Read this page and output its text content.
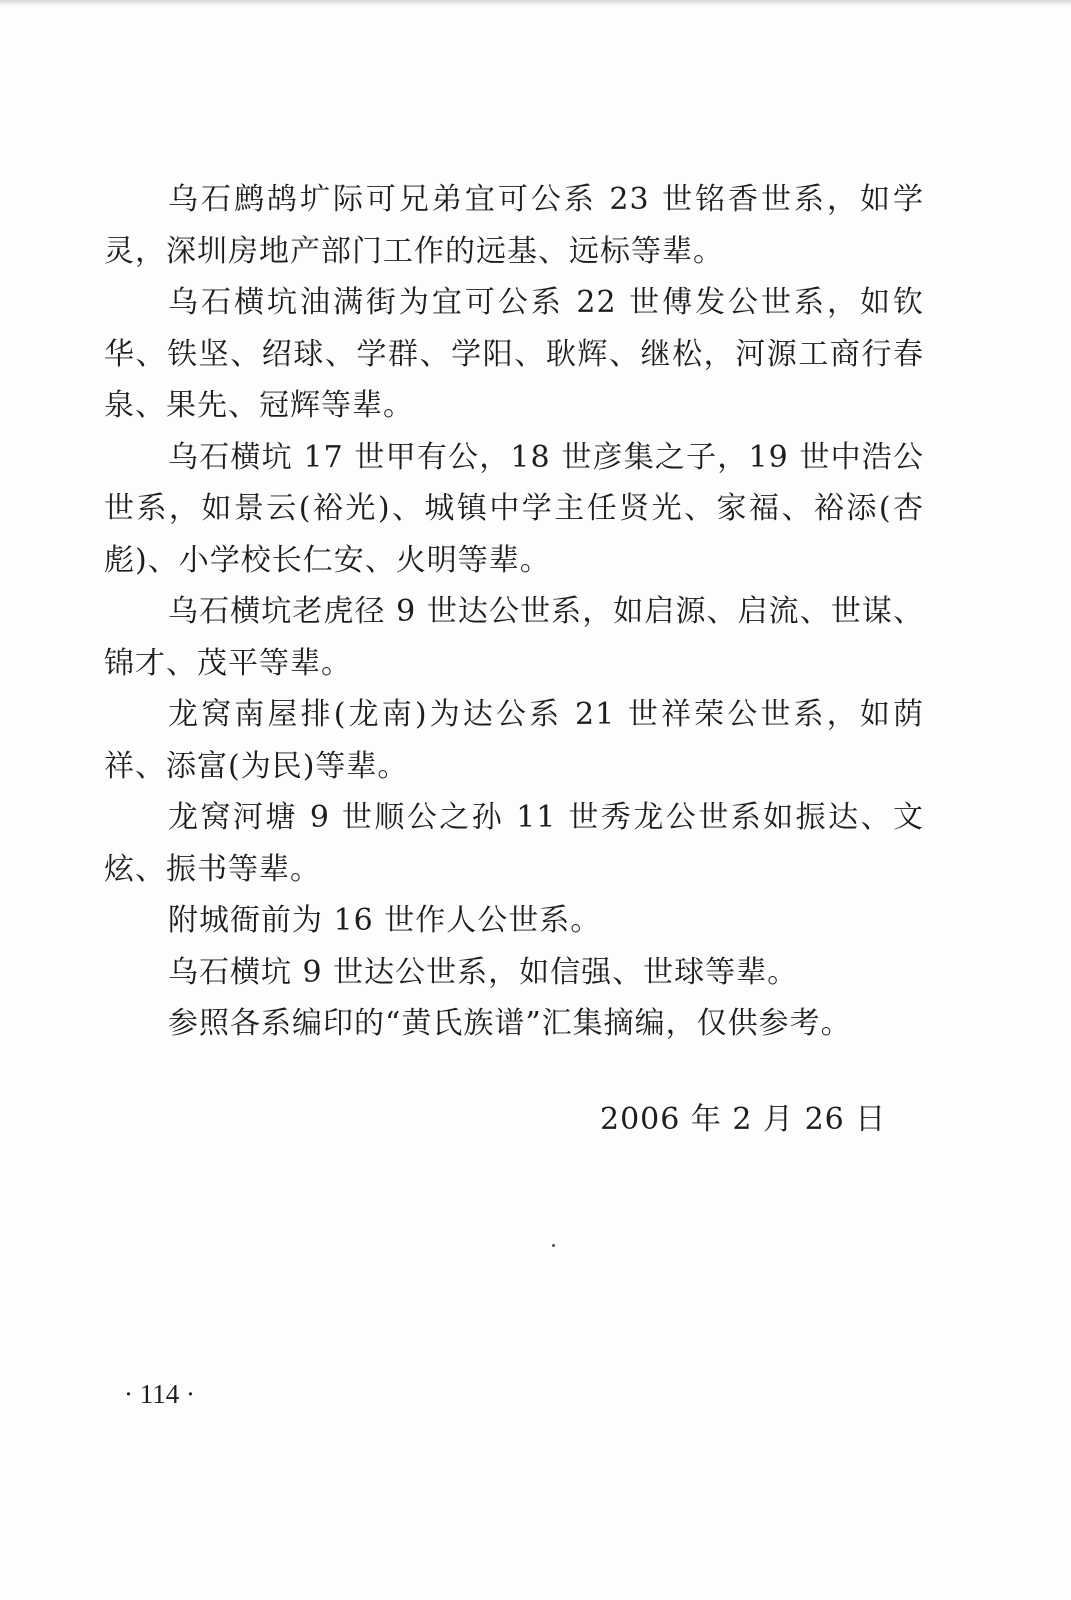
乌石鹧鸪圹际可兄弟宜可公系 23 世铭香世系，如学灵，深圳房地产部门工作的远基、远标等辈。

乌石横坑油满街为宜可公系 22 世傅发公世系，如钦华、铁坚、绍球、学群、学阳、耿辉、继松，河源工商行春泉、果先、冠辉等辈。

乌石横坑 17 世甲有公，18 世彦集之子，19 世中浩公世系，如景云(裕光)、城镇中学主任贤光、家福、裕添(杏彪)、小学校长仁安、火明等辈。

乌石横坑老虎径 9 世达公世系，如启源、启流、世谋、锦才、茂平等辈。

龙窝南屋排(龙南)为达公系 21 世祥荣公世系，如荫祥、添富(为民)等辈。

龙窝河塘 9 世顺公之孙 11 世秀龙公世系如振达、文炫、振书等辈。

附城衙前为 16 世作人公世系。

乌石横坑 9 世达公世系，如信强、世球等辈。

参照各系编印的“黄氏族谱”汇集摘编，仅供参考。

2006 年 2 月 26 日
· 114 ·
